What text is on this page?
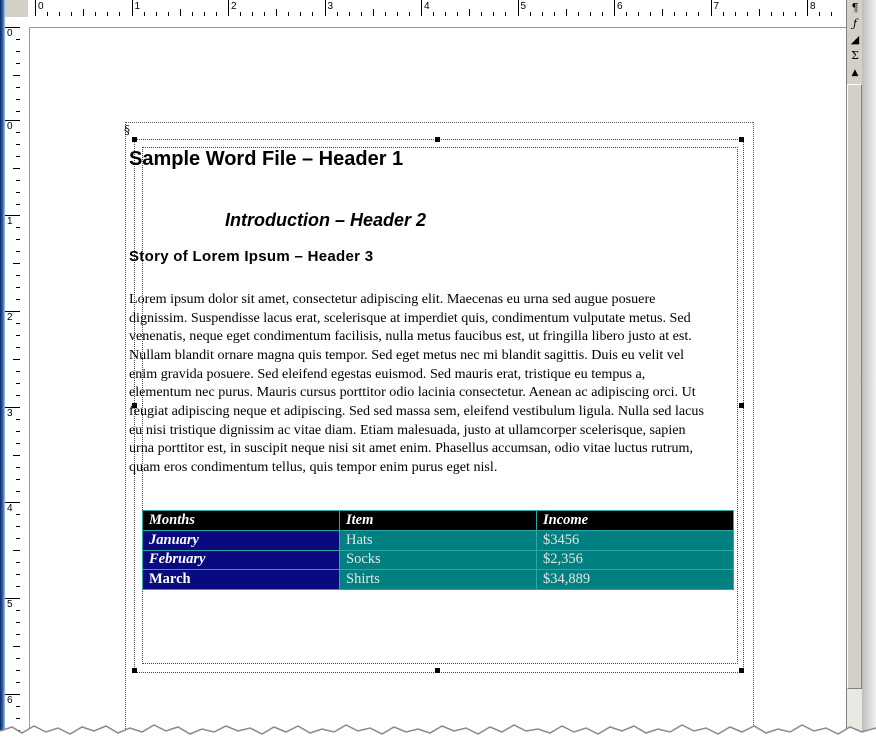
0	1	2	3	4	5	6	7	8
0
0
1
2
3
4
5
6
§
Sample Word File – Header 1
Introduction – Header 2
Story of Lorem Ipsum – Header 3
Lorem ipsum dolor sit amet, consectetur adipiscing elit. Maecenas eu urna sed augue posuere dignissim. Suspendisse lacus erat, scelerisque at imperdiet quis, condimentum vulputate metus. Sed venenatis, neque eget condimentum facilisis, nulla metus faucibus est, ut fringilla libero justo at est. Nullam blandit ornare magna quis tempor. Sed eget metus nec mi blandit sagittis. Duis eu velit vel enim gravida posuere. Sed eleifend egestas euismod. Sed mauris erat, tristique eu tempus a, elementum nec purus. Mauris cursus porttitor odio lacinia consectetur. Aenean ac adipiscing orci. Ut feugiat adipiscing neque et adipiscing. Sed sed massa sem, eleifend vestibulum ligula. Nulla sed lacus eu nisi tristique dignissim ac vitae diam. Etiam malesuada, justo at ullamcorper scelerisque, sapien urna porttitor est, in suscipit neque nisi sit amet enim. Phasellus accumsan, odio vitae luctus rutrum, quam eros condimentum tellus, quis tempor enim purus eget nisl.
Months	Item	Income
January	Hats	$3456
February	Socks	$2,356
March	Shirts	$34,889
¶
ƒ
◢
Σ
▲
